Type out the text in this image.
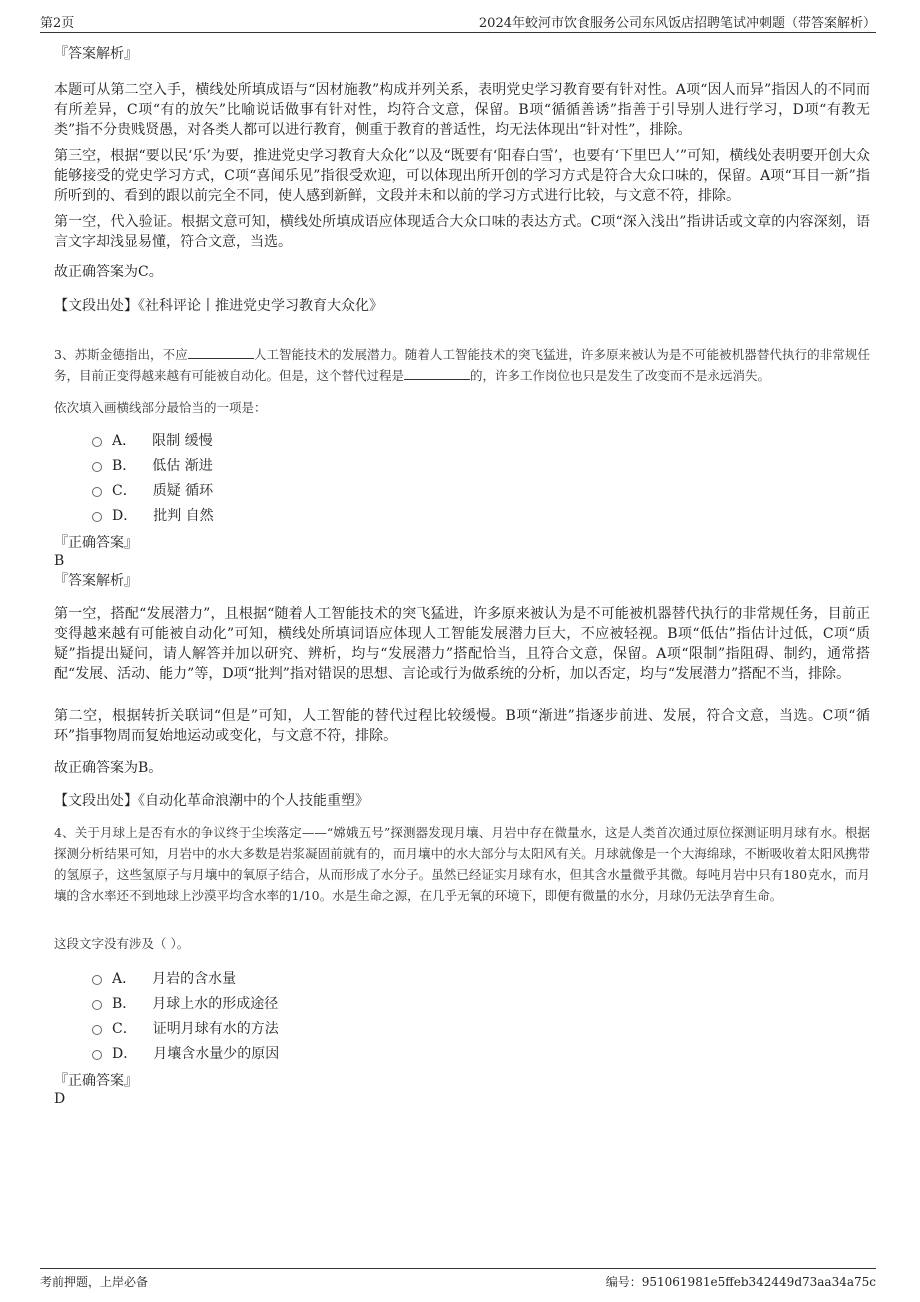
第2页	2024年蛟河市饮食服务公司东风饭店招聘笔试冲刺题（带答案解析）
『答案解析』

本题可从第二空入手，横线处所填成语与“因材施教”构成并列关系，表明党史学习教育要有针对性。A项“因人而异”指因人的不同而有所差异，C项“有的放矢”比喻说话做事有针对性，均符合文意，保留。B项“循循善诱”指善于引导别人进行学习，D项“有教无类”指不分贵贱贤愚，对各类人都可以进行教育，侧重于教育的普适性，均无法体现出“针对性”，排除。

第三空，根据“要以民‘乐’为要，推进党史学习教育大众化”以及“既要有‘阳春白雪’，也要有‘下里巴人’”可知，横线处表明要开创大众能够接受的党史学习方式，C项“喜闻乐见”指很受欢迎，可以体现出所开创的学习方式是符合大众口味的，保留。A项“耳目一新”指所听到的、看到的跟以前完全不同，使人感到新鲜，文段并未和以前的学习方式进行比较，与文意不符，排除。

第一空，代入验证。根据文意可知，横线处所填成语应体现适合大众口味的表达方式。C项“深入浅出”指讲话或文章的内容深刻，语言文字却浅显易懂，符合文意，当选。

故正确答案为C。
【文段出处】《社科评论丨推进党史学习教育大众化》

3、苏斯金德指出，不应	人工智能技术的发展潜力。随着人工智能技术的突飞猛进，许多原来被认为是不可能被机器替代执行的非常规任务，目前正变得越来越有可能被自动化。但是，这个替代过程是	的，许多工作岗位也只是发生了改变而不是永远消失。

依次填入画横线部分最恰当的一项是：
A． 限制 缓慢
B． 低估 渐进
C． 质疑 循环
D． 批判 自然
『正确答案』
B
『答案解析』

第一空，搭配“发展潜力”，且根据“随着人工智能技术的突飞猛进，许多原来被认为是不可能被机器替代执行的非常规任务，目前正变得越来越有可能被自动化”可知，横线处所填词语应体现人工智能发展潜力巨大，不应被轻视。B项“低估”指估计过低，C项“质疑”指提出疑问，请人解答并加以研究、辨析，均与“发展潜力”搭配恰当，且符合文意，保留。A项“限制”指阻碍、制约，通常搭配“发展、活动、能力”等，D项“批判”指对错误的思想、言论或行为做系统的分析，加以否定，均与“发展潜力”搭配不当，排除。

第二空，根据转折关联词“但是”可知，人工智能的替代过程比较缓慢。B项“渐进”指逐步前进、发展，符合文意，当选。C项“循环”指事物周而复始地运动或变化，与文意不符，排除。

故正确答案为B。
【文段出处】《自动化革命浪潮中的个人技能重塑》

4、关于月球上是否有水的争议终于尘埃落定——“嫦娥五号”探测器发现月壤、月岩中存在微量水，这是人类首次通过原位探测证明月球有水。根据探测分析结果可知，月岩中的水大多数是岩浆凝固前就有的，而月壤中的水大部分与太阳风有关。月球就像是一个大海绵球，不断吸收着太阳风携带的氢原子，这些氢原子与月壤中的氧原子结合，从而形成了水分子。虽然已经证实月球有水，但其含水量微乎其微。每吨月岩中只有180克水，而月壤的含水率还不到地球上沙漠平均含水率的1/10。水是生命之源，在几乎无氧的环境下，即便有微量的水分，月球仍无法孕育生命。

这段文字没有涉及（ ）。
A． 月岩的含水量
B． 月球上水的形成途径
C． 证明月球有水的方法
D． 月壤含水量少的原因
『正确答案』
D
考前押题，上岸必备	编号：951061981e5ffeb342449d73aa34a75c
